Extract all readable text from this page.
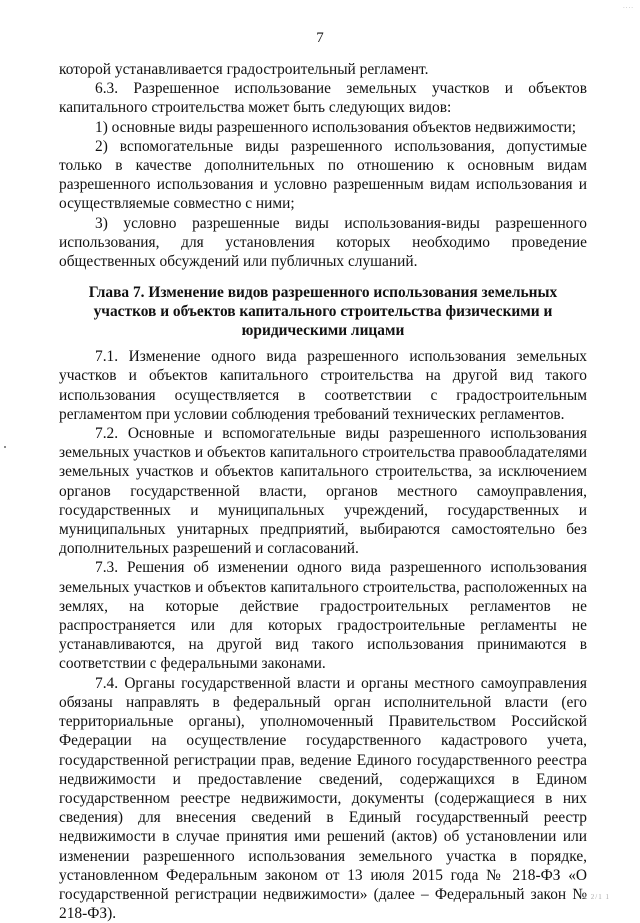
....
7

которой устанавливается градостроительный регламент.

6.3. Разрешенное использование земельных участков и объектов капитального строительства может быть следующих видов:

1) основные виды разрешенного использования объектов недвижимости;

2) вспомогательные виды разрешенного использования, допустимые только в качестве дополнительных по отношению к основным видам разрешенного использования и условно разрешенным видам использования и осуществляемые совместно с ними;

3) условно разрешенные виды использования-виды разрешенного использования, для установления которых необходимо проведение общественных обсуждений или публичных слушаний.

Глава 7. Изменение видов разрешенного использования земельных участков и объектов капитального строительства физическими и юридическими лицами

7.1. Изменение одного вида разрешенного использования земельных участков и объектов капитального строительства на другой вид такого использования осуществляется в соответствии с градостроительным регламентом при условии соблюдения требований технических регламентов.

7.2. Основные и вспомогательные виды разрешенного использования земельных участков и объектов капитального строительства правообладателями земельных участков и объектов капитального строительства, за исключением органов государственной власти, органов местного самоуправления, государственных и муниципальных учреждений, государственных и муниципальных унитарных предприятий, выбираются самостоятельно без дополнительных разрешений и согласований.

7.3. Решения об изменении одного вида разрешенного использования земельных участков и объектов капитального строительства, расположенных на землях, на которые действие градостроительных регламентов не распространяется или для которых градостроительные регламенты не устанавливаются, на другой вид такого использования принимаются в соответствии с федеральными законами.

7.4. Органы государственной власти и органы местного самоуправления обязаны направлять в федеральный орган исполнительной власти (его территориальные органы), уполномоченный Правительством Российской Федерации на осуществление государственного кадастрового учета, государственной регистрации прав, ведение Единого государственного реестра недвижимости и предоставление сведений, содержащихся в Едином государственном реестре недвижимости, документы (содержащиеся в них сведения) для внесения сведений в Единый государственный реестр недвижимости в случае принятия ими решений (актов) об установлении или изменении разрешенного использования земельного участка в порядке, установленном Федеральным законом от 13 июля 2015 года № 218-ФЗ «О государственной регистрации недвижимости» (далее – Федеральный закон № 218-ФЗ).

1 2/1 1
